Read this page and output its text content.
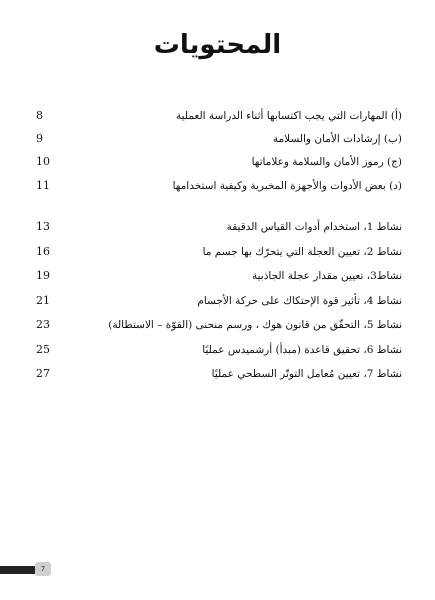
المحتويات
8	(أ) المهارات التي يجب اكتسابها أثناء الدراسة العملية
9	(ب) إرشادات الأمان والسلامة
10	(ج) رموز الأمان والسلامة وعلاماتها
11	(د) بعض الأدوات والأجهزة المخبرية وكيفية استخدامها
13	نشاط 1، استخدام أدوات القياس الدقيقة
16	نشاط 2، تعيين العجلة التي يتحرّك بها جسم ما
19	نشاط3، تعيين مقدار عجلة الجاذبية
21	نشاط 4، تأثير قوة الإحتكاك على حركة الأجسام
23	نشاط 5، التحقّق من قانون هوك ، ورسم منحنى (القوّة – الاستطالة)
25	نشاط 6، تحقيق قاعدة (مبدأ) أرشميدس عمليًا
27	نشاط 7، تعيين مُعامل التوتّر السطحي عمليًا
7
